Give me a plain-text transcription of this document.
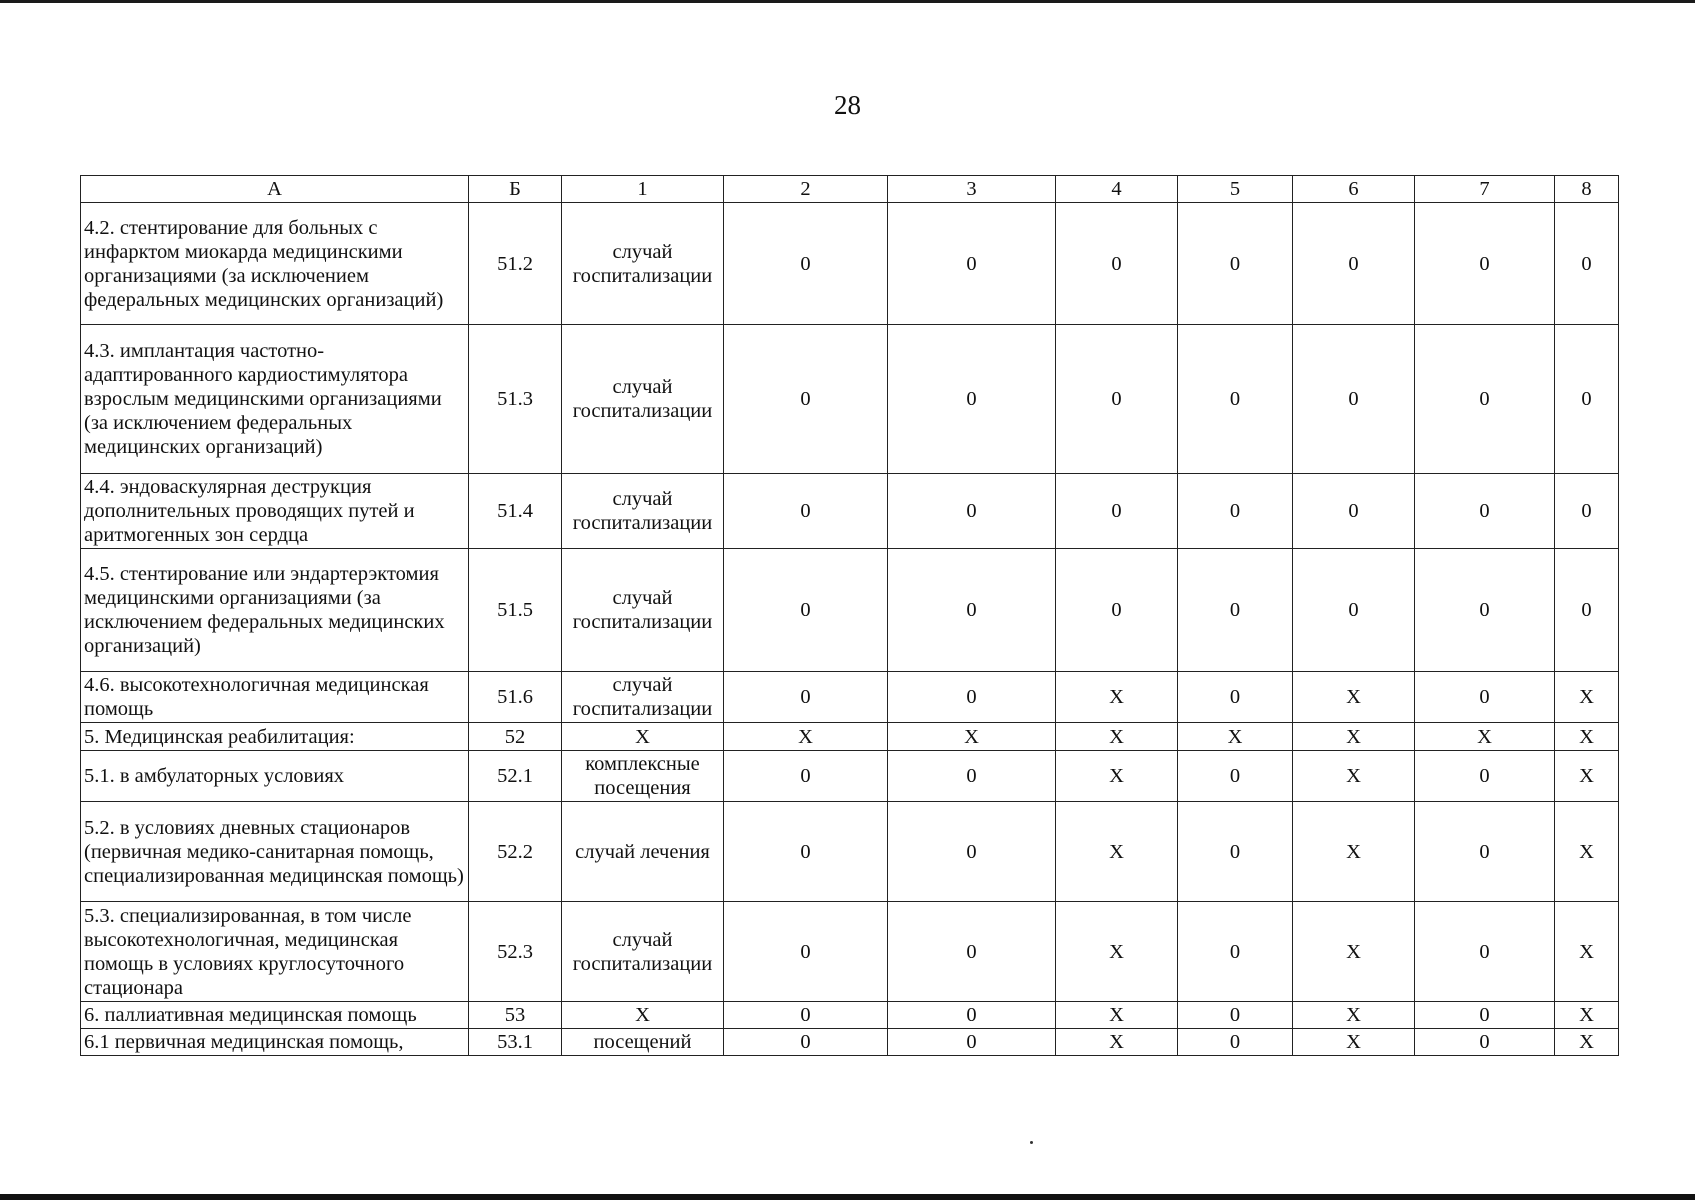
28
А	Б	1	2	3	4	5	6	7	8
4.2. стентирование для больных с инфарктом миокарда медицинскими организациями (за исключением федеральных медицинских организаций)	51.2	случай госпитализации	0	0	0	0	0	0	0
4.3. имплантация частотно-адаптированного кардиостимулятора взрослым медицинскими организациями (за исключением федеральных медицинских организаций)	51.3	случай госпитализации	0	0	0	0	0	0	0
4.4. эндоваскулярная деструкция дополнительных проводящих путей и аритмогенных зон сердца	51.4	случай госпитализации	0	0	0	0	0	0	0
4.5. стентирование или эндартерэктомия медицинскими организациями (за исключением федеральных медицинских организаций)	51.5	случай госпитализации	0	0	0	0	0	0	0
4.6. высокотехнологичная медицинская помощь	51.6	случай госпитализации	0	0	X	0	X	0	X
5. Медицинская реабилитация:	52	X	X	X	X	X	X	X	X
5.1. в амбулаторных условиях	52.1	комплексные посещения	0	0	X	0	X	0	X
5.2. в условиях дневных стационаров (первичная медико-санитарная помощь, специализированная медицинская помощь)	52.2	случай лечения	0	0	X	0	X	0	X
5.3. специализированная, в том числе высокотехнологичная, медицинская помощь в условиях круглосуточного стационара	52.3	случай госпитализации	0	0	X	0	X	0	X
6. паллиативная медицинская помощь	53	X	0	0	X	0	X	0	X
6.1 первичная медицинская помощь,	53.1	посещений	0	0	X	0	X	0	X
